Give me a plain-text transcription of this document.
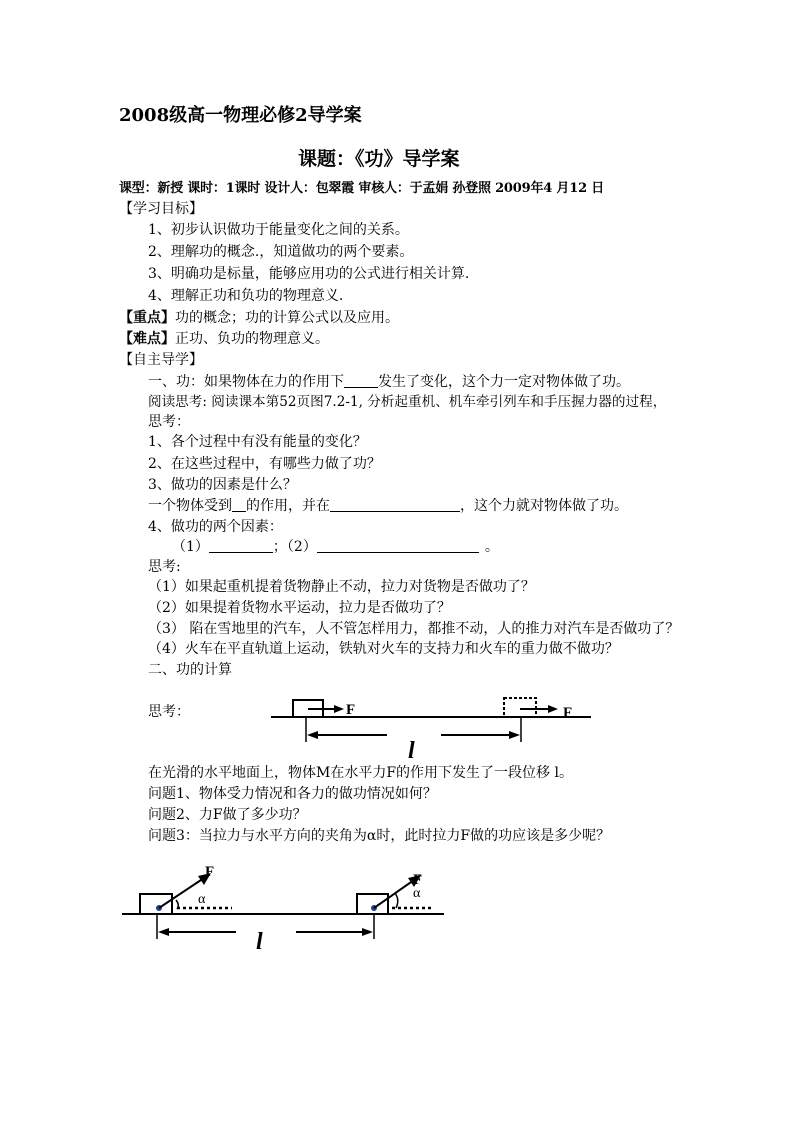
2008级高一物理必修2导学案
课题：《功》导学案
课型：新授 课时：1课时 设计人：包翠霞 审核人：于孟娟 孙登照 2009年4 月12 日
【学习目标】
1、初步认识做功于能量变化之间的关系。
2、理解功的概念.，知道做功的两个要素。
3、明确功是标量，能够应用功的公式进行相关计算.
4、理解正功和负功的物理意义.
【重点】功的概念；功的计算公式以及应用。
【难点】正功、负功的物理意义。
【自主导学】
一、功：如果物体在力的作用下 发生了变化，这个力一定对物体做了功。
阅读思考: 阅读课本第52页图7.2-1, 分析起重机、机车牵引列车和手压握力器的过程，
思考：
1、各个过程中有没有能量的变化？
2、在这些过程中，有哪些力做了功？
3、做功的因素是什么？
一个物体受到 的作用，并在	，这个力就对物体做了功。
4、做功的两个因素：
（1）	；（2）	。
思考:
（1）如果起重机提着货物静止不动，拉力对货物是否做功了？
（2）如果提着货物水平运动，拉力是否做功了？
（3） 陷在雪地里的汽车，人不管怎样用力，都推不动，人的推力对汽车是否做功了？
（4）火车在平直轨道上运动，铁轨对火车的支持力和火车的重力做不做功？
二、功的计算
思考：	F	F
l
F	F
α	α
l
在光滑的水平地面上，物体M在水平力F的作用下发生了一段位移 l。
问题1、物体受力情况和各力的做功情况如何？
问题2、力F做了多少功？
问题3：当拉力与水平方向的夹角为α时，此时拉力F做的功应该是多少呢？
